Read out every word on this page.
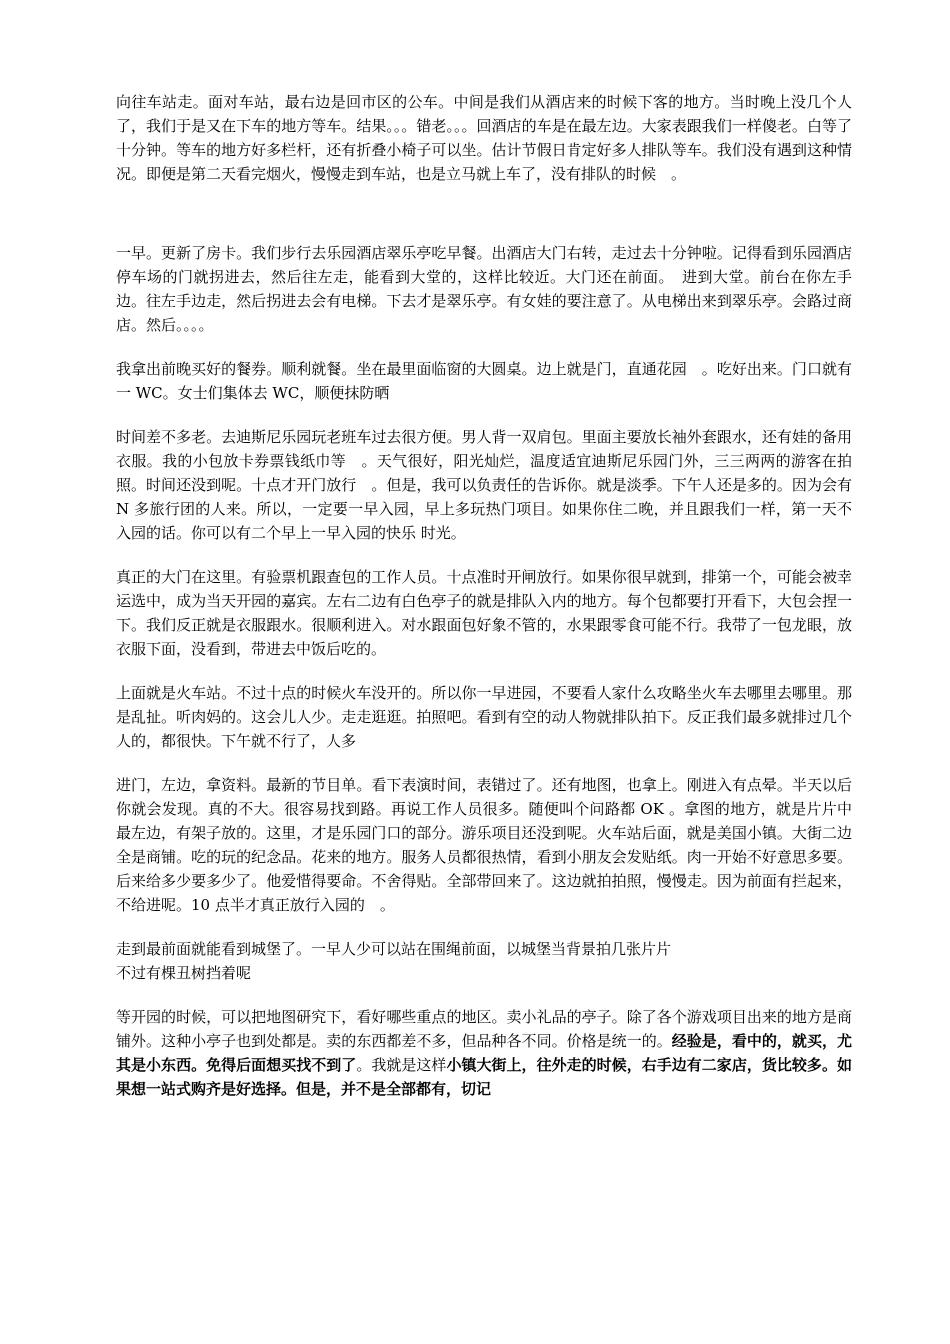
向往车站走。面对车站，最右边是回市区的公车。中间是我们从酒店来的时候下客的地方。当时晚上没几个人了，我们于是又在下车的地方等车。结果。。。错老。。。回酒店的车是在最左边。大家表跟我们一样傻老。白等了十分钟。等车的地方好多栏杆，还有折叠小椅子可以坐。估计节假日肯定好多人排队等车。我们没有遇到这种情况。即便是第二天看完烟火，慢慢走到车站，也是立马就上车了，没有排队的时候　。

一早。更新了房卡。我们步行去乐园酒店翠乐亭吃早餐。出酒店大门右转，走过去十分钟啦。记得看到乐园酒店停车场的门就拐进去，然后往左走，能看到大堂的，这样比较近。大门还在前面。　进到大堂。前台在你左手边。往左手边走，然后拐进去会有电梯。下去才是翠乐亭。有女娃的要注意了。从电梯出来到翠乐亭。会路过商店。然后。。。。

我拿出前晚买好的餐券。顺利就餐。坐在最里面临窗的大圆桌。边上就是门，直通花园　。吃好出来。门口就有一 WC。女士们集体去 WC，顺便抹防晒

时间差不多老。去迪斯尼乐园玩老班车过去很方便。男人背一双肩包。里面主要放长袖外套跟水，还有娃的备用衣服。我的小包放卡券票钱纸巾等　。天气很好，阳光灿烂，温度适宜迪斯尼乐园门外，三三两两的游客在拍照。时间还没到呢。十点才开门放行　。但是，我可以负责任的告诉你。就是淡季。下午人还是多的。因为会有 N 多旅行团的人来。所以，一定要一早入园，早上多玩热门项目。如果你住二晚，并且跟我们一样，第一天不入园的话。你可以有二个早上一早入园的快乐 时光。

真正的大门在这里。有验票机跟查包的工作人员。十点准时开闸放行。如果你很早就到，排第一个，可能会被幸运选中，成为当天开园的嘉宾。左右二边有白色亭子的就是排队入内的地方。每个包都要打开看下，大包会捏一下。我们反正就是衣服跟水。很顺利进入。对水跟面包好象不管的，水果跟零食可能不行。我带了一包龙眼，放衣服下面，没看到，带进去中饭后吃的。

上面就是火车站。不过十点的时候火车没开的。所以你一早进园，不要看人家什么攻略坐火车去哪里去哪里。那是乱扯。听肉妈的。这会儿人少。走走逛逛。拍照吧。看到有空的动人物就排队拍下。反正我们最多就排过几个人的，都很快。下午就不行了，人多

进门，左边，拿资料。最新的节目单。看下表演时间，表错过了。还有地图，也拿上。刚进入有点晕。半天以后你就会发现。真的不大。很容易找到路。再说工作人员很多。随便叫个问路都 OK 。拿图的地方，就是片片中最左边，有架子放的。这里，才是乐园门口的部分。游乐项目还没到呢。火车站后面，就是美国小镇。大街二边全是商铺。吃的玩的纪念品。花来的地方。服务人员都很热情，看到小朋友会发贴纸。肉一开始不好意思多要。后来给多少要多少了。他爱惜得要命。不舍得贴。全部带回来了。这边就拍拍照，慢慢走。因为前面有拦起来，不给进呢。10 点半才真正放行入园的　。

走到最前面就能看到城堡了。一早人少可以站在围绳前面，以城堡当背景拍几张片片
不过有棵丑树挡着呢

等开园的时候，可以把地图研究下，看好哪些重点的地区。卖小礼品的亭子。除了各个游戏项目出来的地方是商铺外。这种小亭子也到处都是。卖的东西都差不多，但品种各不同。价格是统一的。经验是，看中的，就买，尤其是小东西。免得后面想买找不到了。我就是这样小镇大街上，往外走的时候，右手边有二家店，货比较多。如果想一站式购齐是好选择。但是，并不是全部都有，切记
